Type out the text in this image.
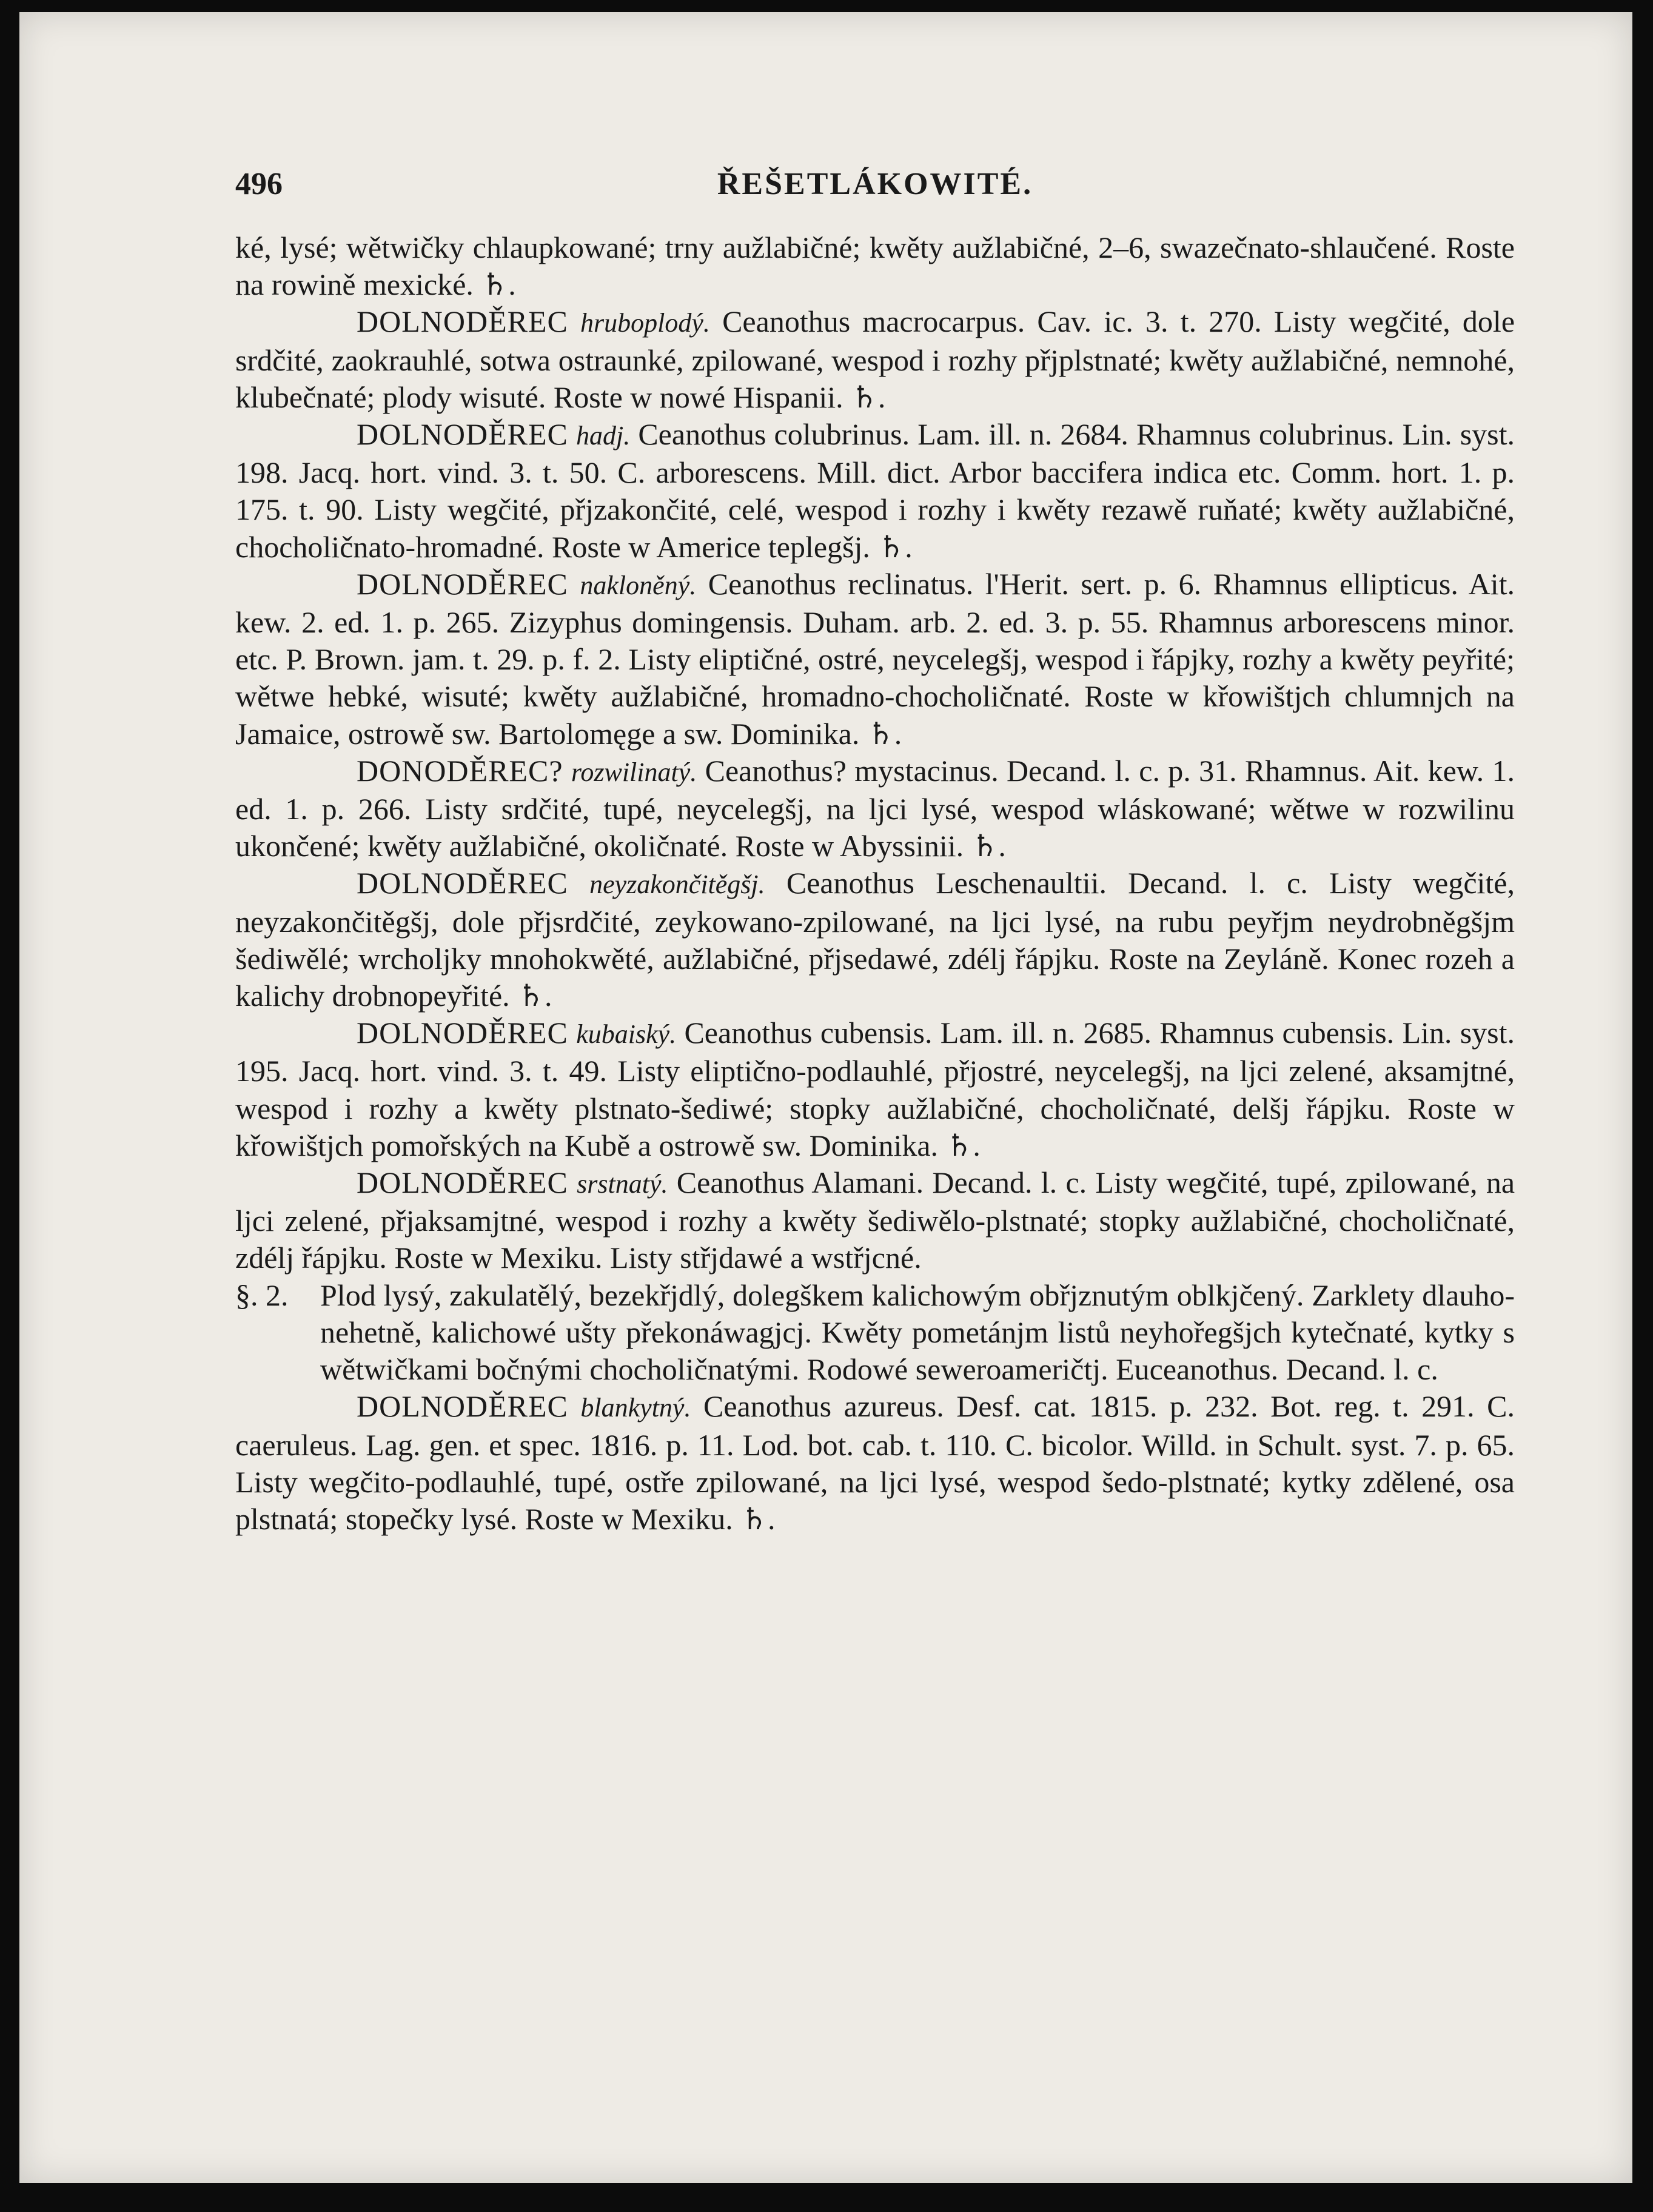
496	ŘEŠETLÁKOWITÉ.

ké, lysé; wětwičky chlaupkowané; trny aužlabičné; kwěty aužlabičné, 2–6, swazečnato-shlaučené. Roste na rowině mexické. ♄.

DOLNODĚREC hruboplodý. Ceanothus macrocarpus. Cav. ic. 3. t. 270. Listy wegčité, dole srdčité, zaokrauhlé, sotwa ostraunké, zpilowané, wespod i rozhy přjplstnaté; kwěty aužlabičné, nemnohé, klubečnaté; plody wisuté. Roste w nowé Hispanii. ♄.

DOLNODĚREC hadj. Ceanothus colubrinus. Lam. ill. n. 2684. Rhamnus colubrinus. Lin. syst. 198. Jacq. hort. vind. 3. t. 50. C. arborescens. Mill. dict. Arbor baccifera indica etc. Comm. hort. 1. p. 175. t. 90. Listy wegčité, přjzakončité, celé, wespod i rozhy i kwěty rezawě ruňaté; kwěty aužlabičné, chocholičnato-hromadné. Roste w Americe teplegšj. ♄.

DOLNODĚREC nakloněný. Ceanothus reclinatus. l'Herit. sert. p. 6. Rhamnus ellipticus. Ait. kew. 2. ed. 1. p. 265. Zizyphus domingensis. Duham. arb. 2. ed. 3. p. 55. Rhamnus arborescens minor. etc. P. Brown. jam. t. 29. p. f. 2. Listy eliptičné, ostré, neycelegšj, wespod i řápjky, rozhy a kwěty peyřité; wětwe hebké, wisuté; kwěty aužlabičné, hromadno-chocholičnaté. Roste w křowištjch chlumnjch na Jamaice, ostrowě sw. Bartolomęge a sw. Dominika. ♄.

DONODĚREC? rozwilinatý. Ceanothus? mystacinus. Decand. l. c. p. 31. Rhamnus. Ait. kew. 1. ed. 1. p. 266. Listy srdčité, tupé, neycelegšj, na ljci lysé, wespod wláskowané; wětwe w rozwilinu ukončené; kwěty aužlabičné, okoličnaté. Roste w Abyssinii. ♄.

DOLNODĚREC neyzakončitěgšj. Ceanothus Leschenaultii. Decand. l. c. Listy wegčité, neyzakončitěgšj, dole přjsrdčité, zeykowano-zpilowané, na ljci lysé, na rubu peyřjm neydrobněgšjm šediwělé; wrcholjky mnohokwěté, aužlabičné, přjsedawé, zdélj řápjku. Roste na Zeyláně. Konec rozeh a kalichy drobnopeyřité. ♄.

DOLNODĚREC kubaiský. Ceanothus cubensis. Lam. ill. n. 2685. Rhamnus cubensis. Lin. syst. 195. Jacq. hort. vind. 3. t. 49. Listy eliptično-podlauhlé, přjostré, neycelegšj, na ljci zelené, aksamjtné, wespod i rozhy a kwěty plstnato-šediwé; stopky aužlabičné, chocholičnaté, delšj řápjku. Roste w křowištjch pomořských na Kubě a ostrowě sw. Dominika. ♄.

DOLNODĚREC srstnatý. Ceanothus Alamani. Decand. l. c. Listy wegčité, tupé, zpilowané, na ljci zelené, přjaksamjtné, wespod i rozhy a kwěty šediwělo-plstnaté; stopky aužlabičné, chocholičnaté, zdélj řápjku. Roste w Mexiku. Listy střjdawé a wstřjcné.

§. 2. Plod lysý, zakulatělý, bezekřjdlý, dolegškem kalichowým obřjznutým oblkjčený. Zarklety dlauho-nehetně, kalichowé ušty překonáwagjcj. Kwěty pometánjm listů neyhořegšjch kytečnaté, kytky s wětwičkami bočnými chocholičnatými. Rodowé seweroameričtj. Euceanothus. Decand. l. c.

DOLNODĚREC blankytný. Ceanothus azureus. Desf. cat. 1815. p. 232. Bot. reg. t. 291. C. caeruleus. Lag. gen. et spec. 1816. p. 11. Lod. bot. cab. t. 110. C. bicolor. Willd. in Schult. syst. 7. p. 65. Listy wegčito-podlauhlé, tupé, ostře zpilowané, na ljci lysé, wespod šedo-plstnaté; kytky zdělené, osa plstnatá; stopečky lysé. Roste w Mexiku. ♄.
